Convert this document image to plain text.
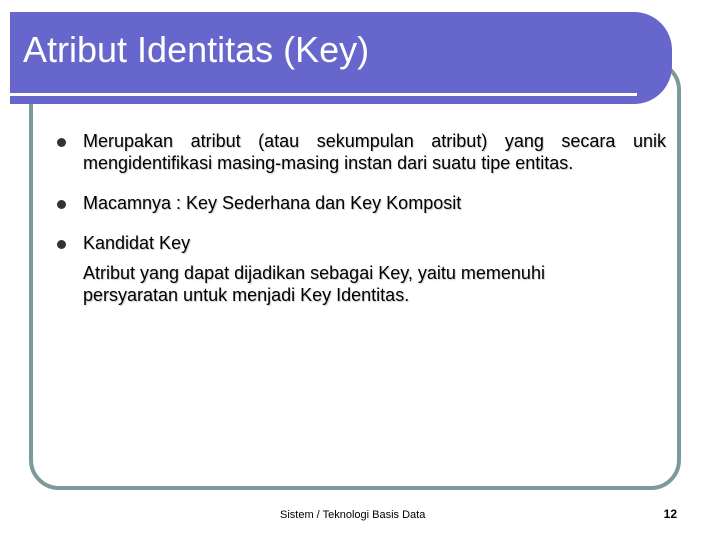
Atribut Identitas (Key)
Merupakan atribut (atau sekumpulan atribut) yang secara unik mengidentifikasi masing-masing instan dari suatu tipe entitas.
Macamnya : Key Sederhana dan Key Komposit
Kandidat Key
Atribut yang dapat dijadikan sebagai Key, yaitu memenuhi persyaratan untuk menjadi Key Identitas.
Sistem / Teknologi Basis Data	12
